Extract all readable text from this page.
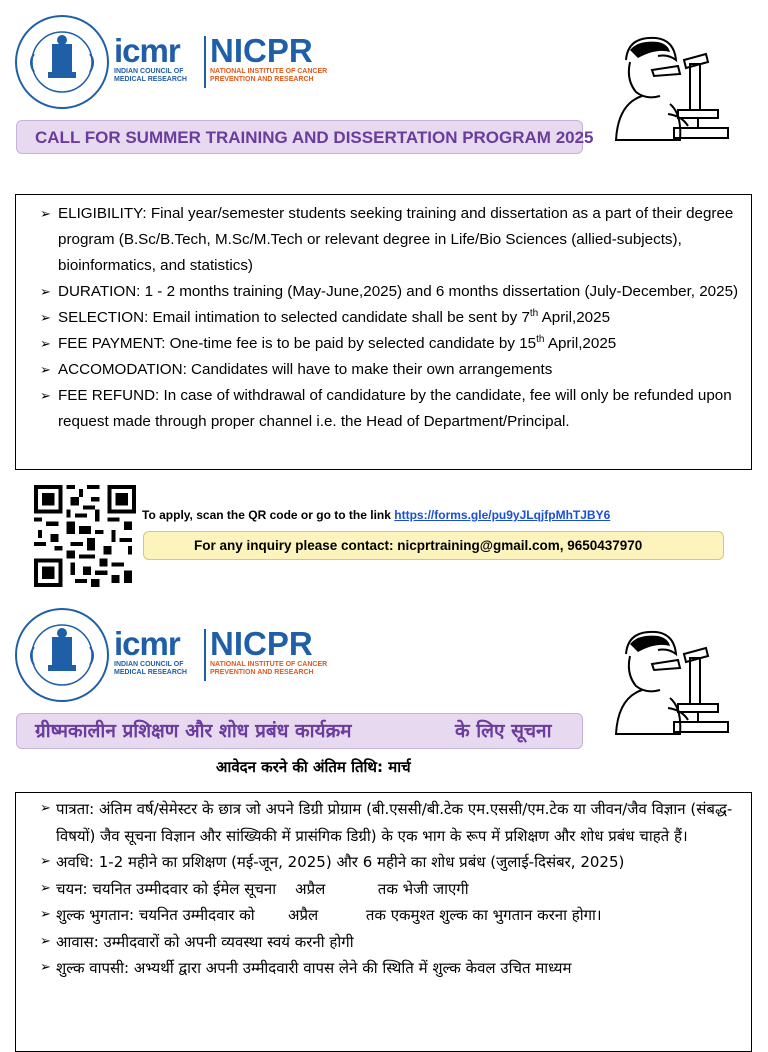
icmr
INDIAN COUNCIL OF
MEDICAL RESEARCH
NICPR
NATIONAL INSTITUTE OF CANCER
PREVENTION AND RESEARCH
CALL FOR SUMMER TRAINING AND DISSERTATION PROGRAM 2025
➢ ELIGIBILITY: Final year/semester students seeking training and dissertation as a part of their degree program (B.Sc/B.Tech, M.Sc/M.Tech or relevant degree in Life/Bio Sciences (allied-subjects), bioinformatics, and statistics)
➢ DURATION: 1 - 2 months training (May-June,2025) and 6 months dissertation (July-December, 2025)
➢ SELECTION: Email intimation to selected candidate shall be sent by 7th April,2025
➢ FEE PAYMENT: One-time fee is to be paid by selected candidate by 15th April,2025
➢ ACCOMODATION: Candidates will have to make their own arrangements
➢ FEE REFUND: In case of withdrawal of candidature by the candidate, fee will only be refunded upon request made through proper channel i.e. the Head of Department/Principal.
To apply, scan the QR code or go to the link https://forms.gle/pu9yJLqjfpMhTJBY6
For any inquiry please contact: nicprtraining@gmail.com, 9650437970
icmr
INDIAN COUNCIL OF
MEDICAL RESEARCH
NICPR
NATIONAL INSTITUTE OF CANCER
PREVENTION AND RESEARCH
ग्रीष्मकालीन प्रशिक्षण और शोध प्रबंध कार्यक्रम	के लिए सूचना
आवेदन करने की अंतिम तिथि: मार्च
➢ पात्रता: अंतिम वर्ष/सेमेस्टर के छात्र जो अपने डिग्री प्रोग्राम (बी.एससी/बी.टेक एम.एससी/एम.टेक या जीवन/जैव विज्ञान (संबद्ध-विषयों) जैव सूचना विज्ञान और सांख्यिकी में प्रासंगिक डिग्री) के एक भाग के रूप में प्रशिक्षण और शोध प्रबंध चाहते हैं।
➢ अवधि: 1-2 महीने का प्रशिक्षण (मई-जून, 2025) और 6 महीने का शोध प्रबंध (जुलाई-दिसंबर, 2025)
➢ चयन: चयनित उम्मीदवार को ईमेल सूचना    अप्रैल           तक भेजी जाएगी
➢ शुल्क भुगतान: चयनित उम्मीदवार को       अप्रैल          तक एकमुश्त शुल्क का भुगतान करना होगा।
➢ आवास: उम्मीदवारों को अपनी व्यवस्था स्वयं करनी होगी
➢ शुल्क वापसी: अभ्यर्थी द्वारा अपनी उम्मीदवारी वापस लेने की स्थिति में शुल्क केवल उचित माध्यम
